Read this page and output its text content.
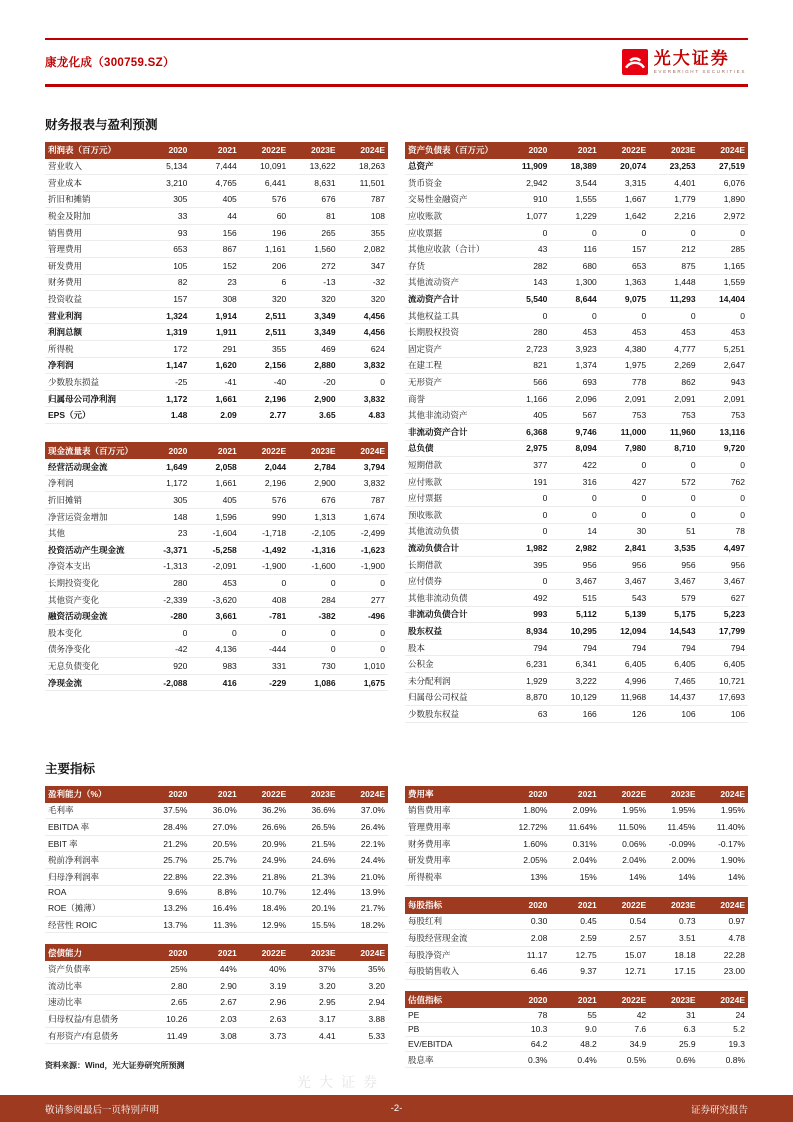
康龙化成（300759.SZ）	光大证券
EVERBRIGHT SECURITIES
财务报表与盈利预测
利润表（百万元）	2020	2021	2022E	2023E	2024E
营业收入	5,134	7,444	10,091	13,622	18,263
营业成本	3,210	4,765	6,441	8,631	11,501
折旧和摊销	305	405	576	676	787
税金及附加	33	44	60	81	108
销售费用	93	156	196	265	355
管理费用	653	867	1,161	1,560	2,082
研发费用	105	152	206	272	347
财务费用	82	23	6	-13	-32
投资收益	157	308	320	320	320
营业利润	1,324	1,914	2,511	3,349	4,456
利润总额	1,319	1,911	2,511	3,349	4,456
所得税	172	291	355	469	624
净利润	1,147	1,620	2,156	2,880	3,832
少数股东损益	-25	-41	-40	-20	0
归属母公司净利润	1,172	1,661	2,196	2,900	3,832
EPS（元）	1.48	2.09	2.77	3.65	4.83
现金流量表（百万元）	2020	2021	2022E	2023E	2024E
经营活动现金流	1,649	2,058	2,044	2,784	3,794
净利润	1,172	1,661	2,196	2,900	3,832
折旧摊销	305	405	576	676	787
净营运资金增加	148	1,596	990	1,313	1,674
其他	23	-1,604	-1,718	-2,105	-2,499
投资活动产生现金流	-3,371	-5,258	-1,492	-1,316	-1,623
净资本支出	-1,313	-2,091	-1,900	-1,600	-1,900
长期投资变化	280	453	0	0	0
其他资产变化	-2,339	-3,620	408	284	277
融资活动现金流	-280	3,661	-781	-382	-496
股本变化	0	0	0	0	0
债务净变化	-42	4,136	-444	0	0
无息负债变化	920	983	331	730	1,010
净现金流	-2,088	416	-229	1,086	1,675
资产负债表（百万元）	2020	2021	2022E	2023E	2024E
总资产	11,909	18,389	20,074	23,253	27,519
货币资金	2,942	3,544	3,315	4,401	6,076
交易性金融资产	910	1,555	1,667	1,779	1,890
应收账款	1,077	1,229	1,642	2,216	2,972
应收票据	0	0	0	0	0
其他应收款（合计）	43	116	157	212	285
存货	282	680	653	875	1,165
其他流动资产	143	1,300	1,363	1,448	1,559
流动资产合计	5,540	8,644	9,075	11,293	14,404
其他权益工具	0	0	0	0	0
长期股权投资	280	453	453	453	453
固定资产	2,723	3,923	4,380	4,777	5,251
在建工程	821	1,374	1,975	2,269	2,647
无形资产	566	693	778	862	943
商誉	1,166	2,096	2,091	2,091	2,091
其他非流动资产	405	567	753	753	753
非流动资产合计	6,368	9,746	11,000	11,960	13,116
总负债	2,975	8,094	7,980	8,710	9,720
短期借款	377	422	0	0	0
应付账款	191	316	427	572	762
应付票据	0	0	0	0	0
预收账款	0	0	0	0	0
其他流动负债	0	14	30	51	78
流动负债合计	1,982	2,982	2,841	3,535	4,497
长期借款	395	956	956	956	956
应付债券	0	3,467	3,467	3,467	3,467
其他非流动负债	492	515	543	579	627
非流动负债合计	993	5,112	5,139	5,175	5,223
股东权益	8,934	10,295	12,094	14,543	17,799
股本	794	794	794	794	794
公积金	6,231	6,341	6,405	6,405	6,405
未分配利润	1,929	3,222	4,996	7,465	10,721
归属母公司权益	8,870	10,129	11,968	14,437	17,693
少数股东权益	63	166	126	106	106
主要指标
盈利能力（%）	2020	2021	2022E	2023E	2024E
毛利率	37.5%	36.0%	36.2%	36.6%	37.0%
EBITDA 率	28.4%	27.0%	26.6%	26.5%	26.4%
EBIT 率	21.2%	20.5%	20.9%	21.5%	22.1%
税前净利润率	25.7%	25.7%	24.9%	24.6%	24.4%
归母净利润率	22.8%	22.3%	21.8%	21.3%	21.0%
ROA	9.6%	8.8%	10.7%	12.4%	13.9%
ROE（摊薄）	13.2%	16.4%	18.4%	20.1%	21.7%
经营性 ROIC	13.7%	11.3%	12.9%	15.5%	18.2%
偿债能力	2020	2021	2022E	2023E	2024E
资产负债率	25%	44%	40%	37%	35%
流动比率	2.80	2.90	3.19	3.20	3.20
速动比率	2.65	2.67	2.96	2.95	2.94
归母权益/有息债务	10.26	2.03	2.63	3.17	3.88
有形资产/有息债务	11.49	3.08	3.73	4.41	5.33
资料来源：Wind，光大证券研究所预测
费用率	2020	2021	2022E	2023E	2024E
销售费用率	1.80%	2.09%	1.95%	1.95%	1.95%
管理费用率	12.72%	11.64%	11.50%	11.45%	11.40%
财务费用率	1.60%	0.31%	0.06%	-0.09%	-0.17%
研发费用率	2.05%	2.04%	2.04%	2.00%	1.90%
所得税率	13%	15%	14%	14%	14%
每股指标	2020	2021	2022E	2023E	2024E
每股红利	0.30	0.45	0.54	0.73	0.97
每股经营现金流	2.08	2.59	2.57	3.51	4.78
每股净资产	11.17	12.75	15.07	18.18	22.28
每股销售收入	6.46	9.37	12.71	17.15	23.00
估值指标	2020	2021	2022E	2023E	2024E
PE	78	55	42	31	24
PB	10.3	9.0	7.6	6.3	5.2
EV/EBITDA	64.2	48.2	34.9	25.9	19.3
股息率	0.3%	0.4%	0.5%	0.6%	0.8%
光大证券
-2-
敬请参阅最后一页特别声明	证券研究报告
